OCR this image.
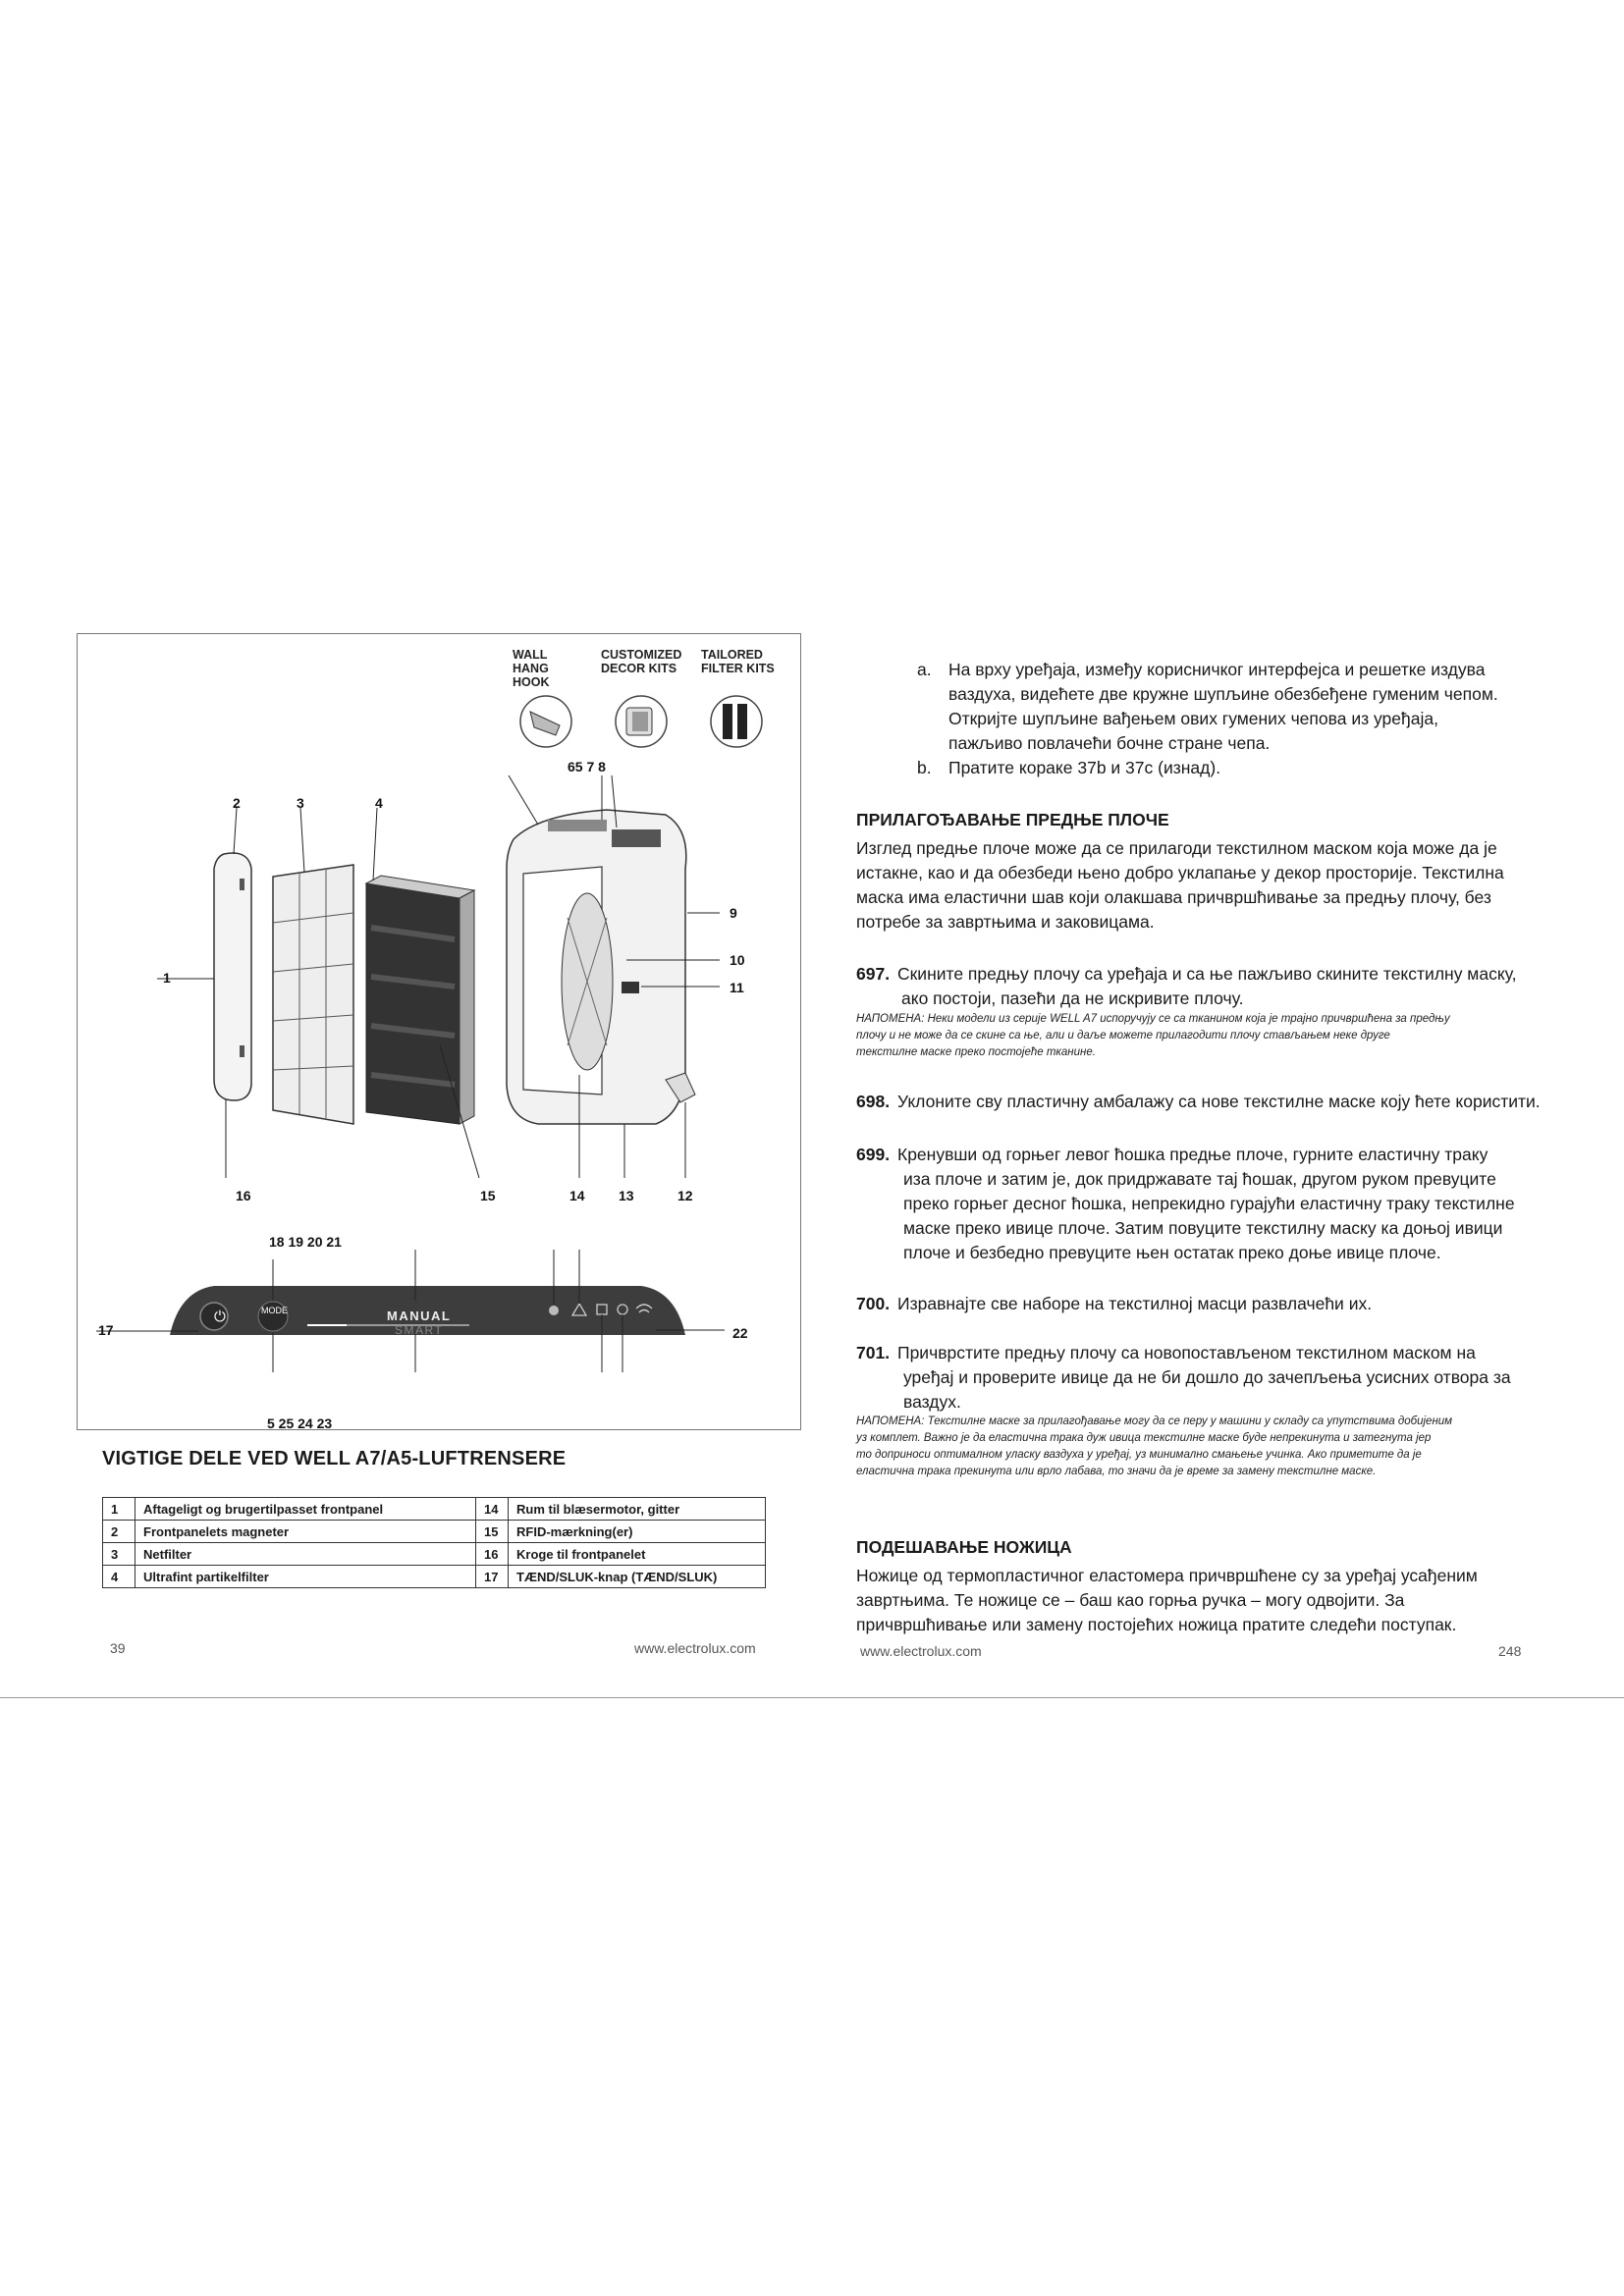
WALL HANG HOOK
CUSTOMIZED DECOR KITS
TAILORED FILTER KITS
MODE
⏻	MANUAL
SMART
65 7 8
2	3	4
1
9
10
11
16	15	14 13	12
18 19 20 21
17	22
5 25 24 23
VIGTIGE DELE VED WELL A7/A5-LUFTRENSERE
1	Aftageligt og brugertilpasset frontpanel	14	Rum til blæsermotor, gitter
2	Frontpanelets magneter	15	RFID-mærkning(er)
3	Netfilter	16	Kroge til frontpanelet
4	Ultrafint partikelfilter	17	TÆND/SLUK-knap (TÆND/SLUK)
39	www.electrolux.com
a. На врху уређаја, између корисничког интерфејса и решетке издува
ваздуха, видећете две кружне шупљине обезбеђене гуменим чепом.
Откријте шупљине вађењем ових гумених чепова из уређаја,
пажљиво повлачећи бочне стране чепа.
b. Пратите кораке 37b и 37c (изнад).
ПРИЛАГОЂАВАЊЕ ПРЕДЊЕ ПЛОЧЕ
Изглед предње плоче може да се прилагоди текстилном маском која може да је
истакне, као и да обезбеди њено добро уклапање у декор просторије. Текстилна
маска има еластични шав који олакшава причвршћивање за предњу плочу, без
потребе за завртњима и заковицама.
697. Скините предњу плочу са уређаја и са ње пажљиво скините текстилну маску,
ако постоји, пазећи да не искривите плочу.
НАПОМЕНА: Неки модели из серије WELL A7 испоручују се са тканином која је трајно причвршћена за предњу
плочу и не може да се скине са ње, али и даље можете прилагодити плочу стављањем неке друге
текстилне маске преко постојеће тканине.
698. Уклоните сву пластичну амбалажу са нове текстилне маске коју ћете користити.
699. Кренувши од горњег левог ћошка предње плоче, гурните еластичну траку
иза плоче и затим је, док придржавате тај ћошак, другом руком превуците
преко горњег десног ћошка, непрекидно гурајући еластичну траку текстилне
маске преко ивице плоче. Затим повуците текстилну маску ка доњој ивици
плоче и безбедно превуците њен остатак преко доње ивице плоче.
700. Изравнајте све наборе на текстилној масци развлачећи их.
701. Причврстите предњу плочу са новопостављеном текстилном маском на
уређај и проверите ивице да не би дошло до зачепљења усисних отвора за
ваздух.
НАПОМЕНА: Текстилне маске за прилагођавање могу да се перу у машини у складу са упутствима добијеним
уз комплет. Важно је да еластична трака дуж ивица текстилне маске буде непрекинута и затегнута јер
то доприноси оптималном уласку ваздуха у уређај, уз минимално смањење учинка. Ако приметите да је
еластична трака прекинута или врло лабава, то значи да је време за замену текстилне маске.
ПОДЕШАВАЊЕ НОЖИЦА
Ножице од термопластичног еластомера причвршћене су за уређај усађеним
завртњима. Те ножице се – баш као горња ручка – могу одвојити. За
причвршћивање или замену постојећих ножица пратите следећи поступак.
www.electrolux.com	248
